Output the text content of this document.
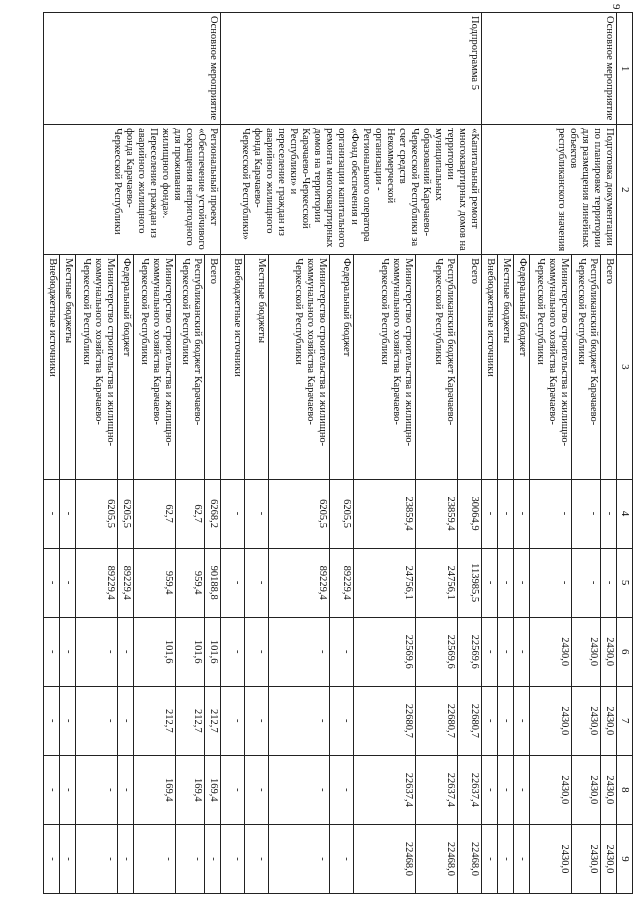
9
1	2	3	4	5	6	7	8	9
Основное мероприятие	Подготовка документации по планировке территории для размещения линейных объектов республиканского значения	Всего	-	-	2430,0	2430,0	2430,0	2430,0
		Республиканский бюджет Карачаево-Черкесской Республики	-	-	2430,0	2430,0	2430,0	2430,0
		Министерство строительства и жилищно-коммунального хозяйства Карачаево-Черкесской Республики	-	-	2430,0	2430,0	2430,0	2430,0
		Федеральный бюджет	-	-	-	-	-	-
		Местные бюджеты	-	-	-	-	-	-
		Внебюджетные источники	-	-	-	-	-	-
Подпрограмма 5	«Капитальный ремонт многоквартирных домов на территории муниципальных образований Карачаево-Черкесской Республики за счет средств Некоммерческой организации - Регионального оператора «Фонд обеспечения и организации капитального ремонта многоквартирных домов на территории Карачаево-Черкесской Республики» и переселение граждан из аварийного жилищного фонда Карачаево-Черкесской Республики»	Всего	30064,9	113985,5	22569,6	22680,7	22637,4	22468,0
		Республиканский бюджет Карачаево-Черкесской Республики	23859,4	24756,1	22569,6	22680,7	22637,4	22468,0
		Министерство строительства и жилищно-коммунального хозяйства Карачаево-Черкесской Республики	23859,4	24756,1	22569,6	22680,7	22637,4	22468,0
		Федеральный бюджет	6205,5	89229,4	-	-	-	-
		Министерство строительства и жилищно-коммунального хозяйства Карачаево-Черкесской Республики	6205,5	89229,4	-	-	-	-
		Местные бюджеты	-	-	-	-	-	-
		Внебюджетные источники	-	-	-	-	-	-
Основное мероприятие	Региональный проект «Обеспечение устойчивого сокращения непригодного для проживания жилищного фонда». Переселение граждан из аварийного жилищного фонда Карачаево-Черкесской Республики	Всего	6268,2	90188,8	101,6	212,7	169,4	-
		Республиканский бюджет Карачаево-Черкесской Республики	62,7	959,4	101,6	212,7	169,4	-
		Министерство строительства и жилищно-коммунального хозяйства Карачаево-Черкесской Республики	62,7	959,4	101,6	212,7	169,4	-
		Федеральный бюджет	6205,5	89229,4	-	-	-	-
		Министерство строительства и жилищно-коммунального хозяйства Карачаево-Черкесской Республики	6205,5	89229,4	-	-	-	-
		Местные бюджеты	-	-	-	-	-	-
		Внебюджетные источники	-	-	-	-	-	-
